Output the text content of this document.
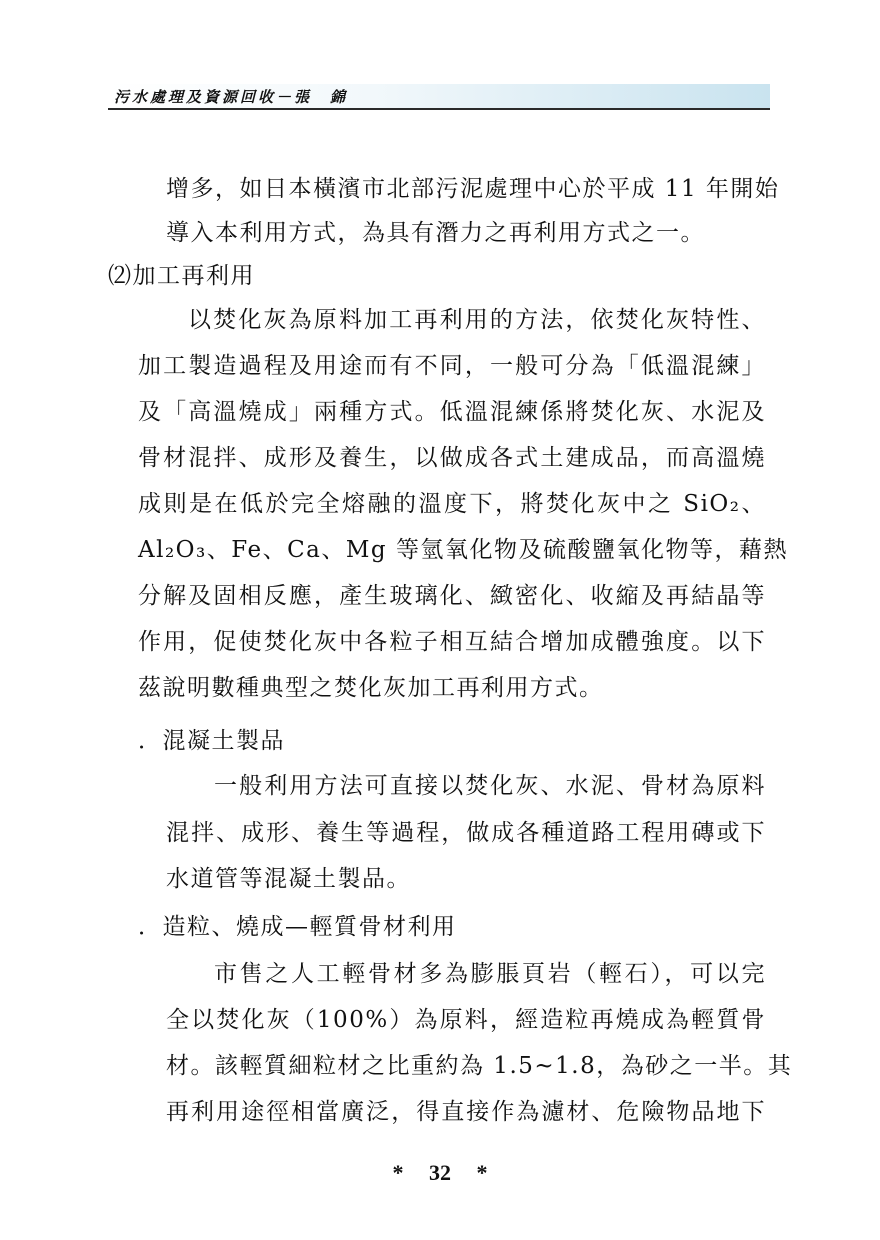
污水處理及資源回收－張　錦
增多，如日本橫濱市北部污泥處理中心於平成 11 年開始
導入本利用方式，為具有潛力之再利用方式之一。
⑵加工再利用
以焚化灰為原料加工再利用的方法，依焚化灰特性、
加工製造過程及用途而有不同，一般可分為「低溫混練」
及「高溫燒成」兩種方式。低溫混練係將焚化灰、水泥及
骨材混拌、成形及養生，以做成各式土建成品，而高溫燒
成則是在低於完全熔融的溫度下，將焚化灰中之 SiO₂、
Al₂O₃、Fe、Ca、Mg 等氫氧化物及硫酸鹽氧化物等，藉熱
分解及固相反應，產生玻璃化、緻密化、收縮及再結晶等
作用，促使焚化灰中各粒子相互結合增加成體強度。以下
茲說明數種典型之焚化灰加工再利用方式。
．混凝土製品
一般利用方法可直接以焚化灰、水泥、骨材為原料
混拌、成形、養生等過程，做成各種道路工程用磚或下
水道管等混凝土製品。
．造粒、燒成—輕質骨材利用
市售之人工輕骨材多為膨脹頁岩（輕石），可以完
全以焚化灰（100%）為原料，經造粒再燒成為輕質骨
材。該輕質細粒材之比重約為 1.5~1.8，為砂之一半。其
再利用途徑相當廣泛，得直接作為濾材、危險物品地下
* 32 *
